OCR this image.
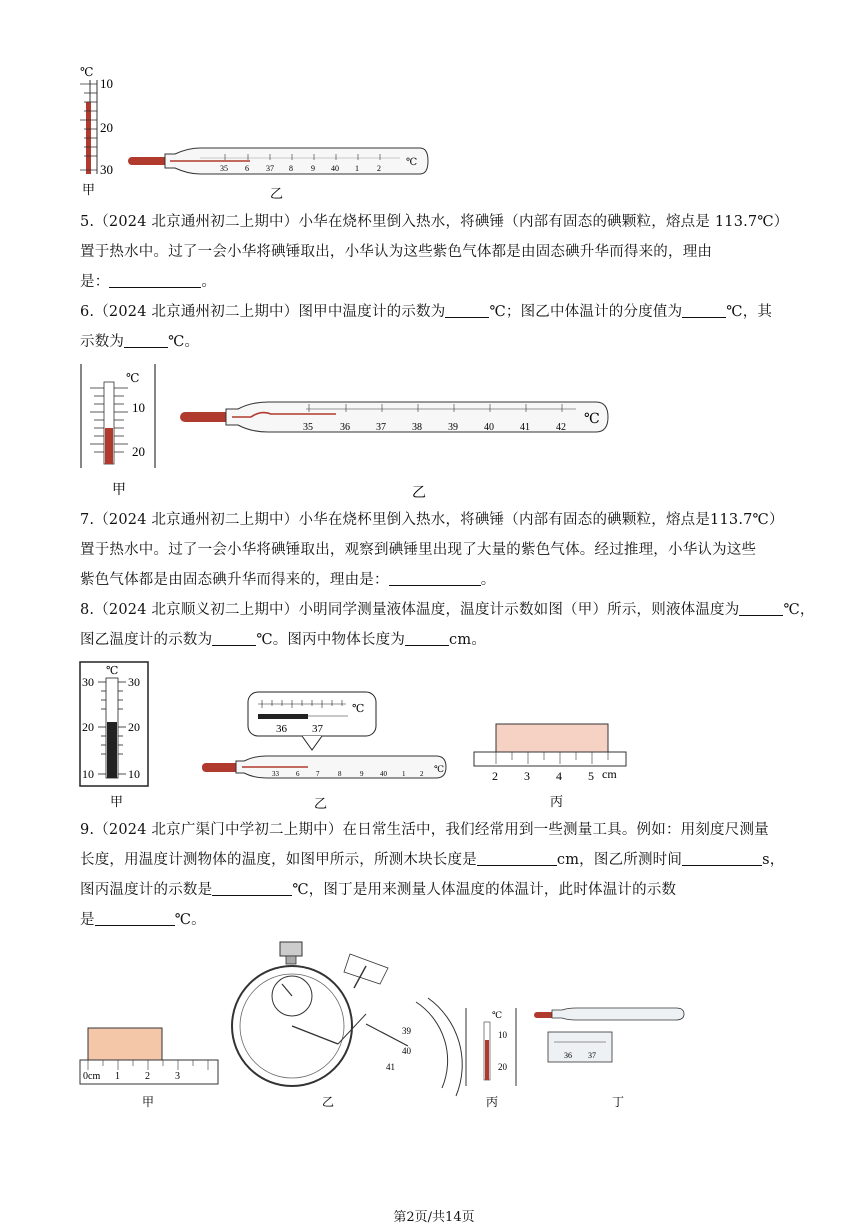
℃
10
20
30
甲
35 6 37 8 9 40 1 2
℃
乙
5.（2024 北京通州初二上期中）小华在烧杯里倒入热水，将碘锤（内部有固态的碘颗粒，熔点是 113.7℃）
置于热水中。过了一会小华将碘锤取出，小华认为这些紫色气体都是由固态碘升华而得来的，理由
是：	。
6.（2024 北京通州初二上期中）图甲中温度计的示数为	℃；图乙中体温计的分度值为	℃，其
示数为	℃。
℃
10
20
甲
35	36	37	38	39	40	41	42
℃
乙
7.（2024 北京通州初二上期中）小华在烧杯里倒入热水，将碘锤（内部有固态的碘颗粒，熔点是113.7℃）
置于热水中。过了一会小华将碘锤取出，观察到碘锤里出现了大量的紫色气体。经过推理，小华认为这些
紫色气体都是由固态碘升华而得来的，理由是：	。
8.（2024 北京顺义初二上期中）小明同学测量液体温度，温度计示数如图（甲）所示，则液体温度为	℃，
图乙温度计的示数为	℃。图丙中物体长度为	cm。
℃
30
20
10
30
20
10
甲
℃
36 37
33 6 7	8	9 40 1 2 ℃
乙
2 3 4 5 cm
丙
9.（2024 北京广渠门中学初二上期中）在日常生活中，我们经常用到一些测量工具。例如：用刻度尺测量
长度，用温度计测物体的温度，如图甲所示，所测木块长度是	cm，图乙所测时间	s，
图丙温度计的示数是	℃，图丁是用来测量人体温度的体温计，此时体温计的示数
是	℃。
0cm 1	2	3
甲
39
40
41
乙
℃
10
20
丙
36 37
丁
第2页/共14页
